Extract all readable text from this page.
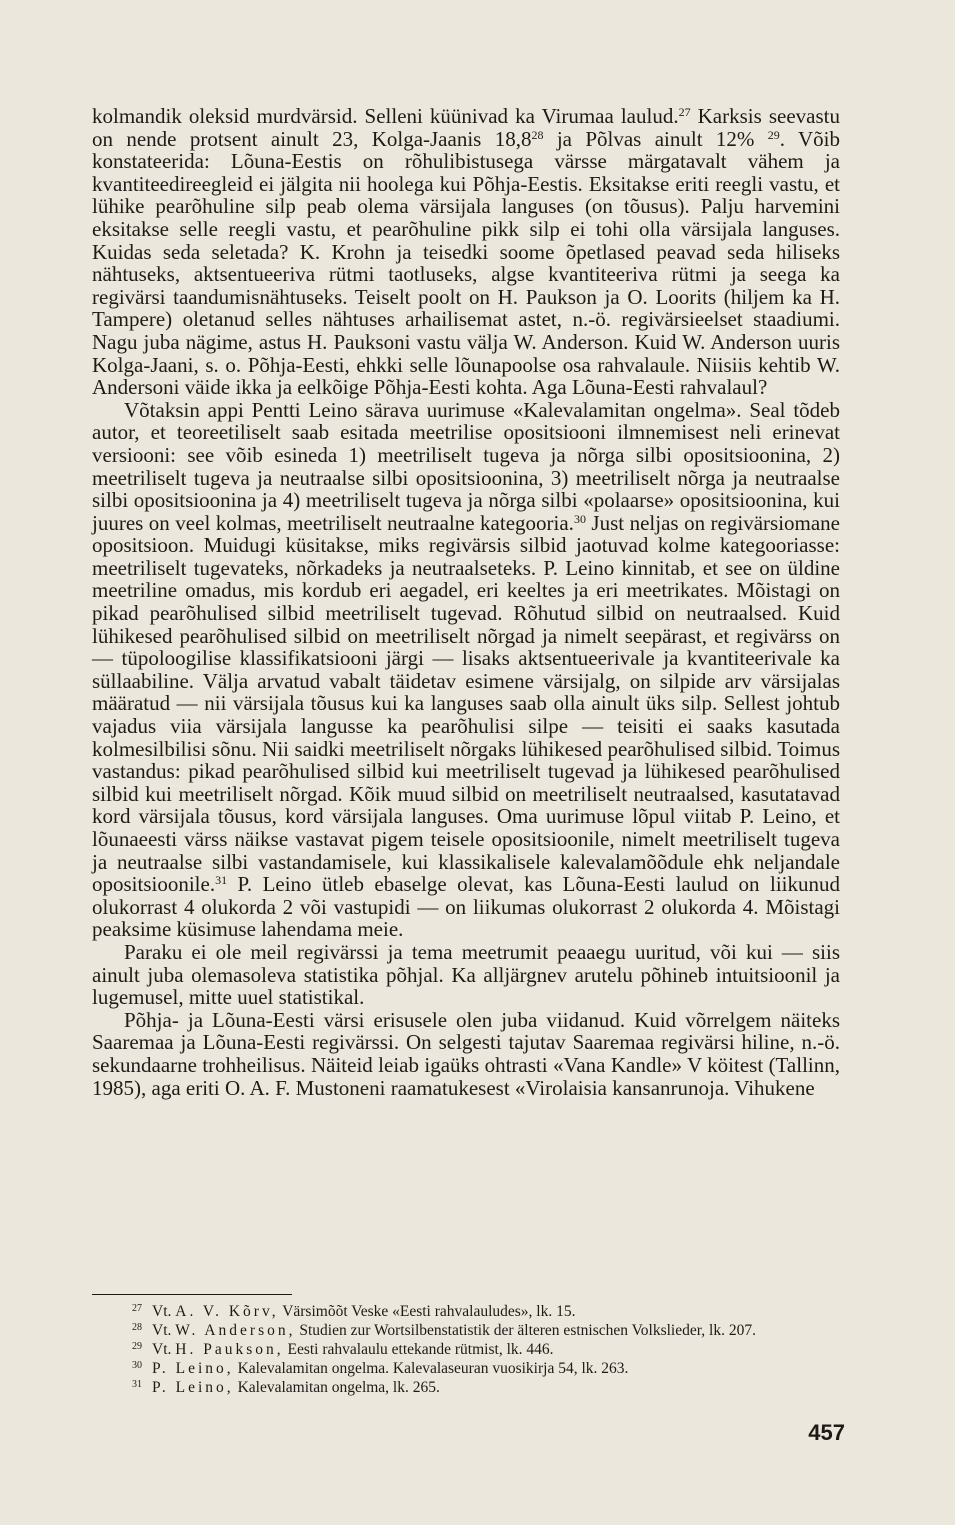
kolmandik oleksid murdvärsid. Selleni küünivad ka Virumaa laulud.$^{27}$ Karksis seevastu on nende protsent ainult 23, Kolga-Jaanis 18,8$^{28}$ ja Põlvas ainult 12% $^{29}$. Võib konstateerida: Lõuna-Eestis on rõhulibistusega värsse märgatavalt vähem ja kvantiteedireegleid ei jälgita nii hoolega kui Põhja-Eestis. Eksitakse eriti reegli vastu, et lühike pearõhuline silp peab olema värsijala languses (on tõusus). Palju harvemini eksitakse selle reegli vastu, et pearõhuline pikk silp ei tohi olla värsijala languses. Kuidas seda seletada? K. Krohn ja teisedki soome õpetlased peavad seda hiliseks nähtuseks, aktsentueeriva rütmi taotluseks, algse kvantiteeriva rütmi ja seega ka regivärsi taandumisnähtuseks. Teiselt poolt on H. Paukson ja O. Loorits (hiljem ka H. Tampere) oletanud selles nähtuses arhailisemat astet, n.-ö. regivärsieelset staadiumi. Nagu juba nägime, astus H. Pauksoni vastu välja W. Anderson. Kuid W. Anderson uuris Kolga-Jaani, s. o. Põhja-Eesti, ehkki selle lõunapoolse osa rahvalaule. Niisiis kehtib W. Andersoni väide ikka ja eelkõige Põhja-Eesti kohta. Aga Lõuna-Eesti rahvalaul?

Võtaksin appi Pentti Leino särava uurimuse «Kalevalamitan ongelma». Seal tõdeb autor, et teoreetiliselt saab esitada meetrilise opositsiooni ilmnemisest neli erinevat versiooni: see võib esineda 1) meetriliselt tugeva ja nõrga silbi opositsioonina, 2) meetriliselt tugeva ja neutraalse silbi opositsioonina, 3) meetriliselt nõrga ja neutraalse silbi opositsioonina ja 4) meetriliselt tugeva ja nõrga silbi «polaarse» opositsioonina, kui juures on veel kolmas, meetriliselt neutraalne kategooria.$^{30}$ Just neljas on regivärsiomane opositsioon. Muidugi küsitakse, miks regivärsis silbid jaotuvad kolme kategooriasse: meetriliselt tugevateks, nõrkadeks ja neutraalseteks. P. Leino kinnitab, et see on üldine meetriline omadus, mis kordub eri aegadel, eri keeltes ja eri meetrikates. Mõistagi on pikad pearõhulised silbid meetriliselt tugevad. Rõhutud silbid on neutraalsed. Kuid lühikesed pearõhulised silbid on meetriliselt nõrgad ja nimelt seepärast, et regivärss on — tüpoloogilise klassifikatsiooni järgi — lisaks aktsentueerivale ja kvantiteerivale ka süllaabiline. Välja arvatud vabalt täidetav esimene värsijalg, on silpide arv värsijalas määratud — nii värsijala tõusus kui ka languses saab olla ainult üks silp. Sellest johtub vajadus viia värsijala langusse ka pearõhulisi silpe — teisiti ei saaks kasutada kolmesilbilisi sõnu. Nii saidki meetriliselt nõrgaks lühikesed pearõhulised silbid. Toimus vastandus: pikad pearõhulised silbid kui meetriliselt tugevad ja lühikesed pearõhulised silbid kui meetriliselt nõrgad. Kõik muud silbid on meetriliselt neutraalsed, kasutatavad kord värsijala tõusus, kord värsijala languses. Oma uurimuse lõpul viitab P. Leino, et lõunaeesti värss näikse vastavat pigem teisele opositsioonile, nimelt meetriliselt tugeva ja neutraalse silbi vastandamisele, kui klassikalisele kalevalamõõdule ehk neljandale opositsioonile.$^{31}$ P. Leino ütleb ebaselge olevat, kas Lõuna-Eesti laulud on liikunud olukorrast 4 olukorda 2 või vastupidi — on liikumas olukorrast 2 olukorda 4. Mõistagi peaksime küsimuse lahendama meie.

Paraku ei ole meil regivärssi ja tema meetrumit peaaegu uuritud, või kui — siis ainult juba olemasoleva statistika põhjal. Ka alljärgnev arutelu põhineb intuitsioonil ja lugemusel, mitte uuel statistikal.

Põhja- ja Lõuna-Eesti värsi erisusele olen juba viidanud. Kuid võrrelgem näiteks Saaremaa ja Lõuna-Eesti regivärssi. On selgesti tajutav Saaremaa regivärsi hiline, n.-ö. sekundaarne trohheilisus. Näiteid leiab igaüks ohtrasti «Vana Kandle» V köitest (Tallinn, 1985), aga eriti O. A. F. Mustoneni raamatukesest «Virolaisia kansanrunoja. Vihukene

$^{27}$ Vt. A. V. Kõrv, Värsimõõt Veske «Eesti rahvalauludes», lk. 15.

$^{28}$ Vt. W. Anderson, Studien zur Wortsilbenstatistik der älteren estnischen Volkslieder, lk. 207.

$^{29}$ Vt. H. Paukson, Eesti rahvalaulu ettekande rütmist, lk. 446.

$^{30}$ P. Leino, Kalevalamitan ongelma. Kalevalaseuran vuosikirja 54, lk. 263.

$^{31}$ P. Leino, Kalevalamitan ongelma, lk. 265.

457
